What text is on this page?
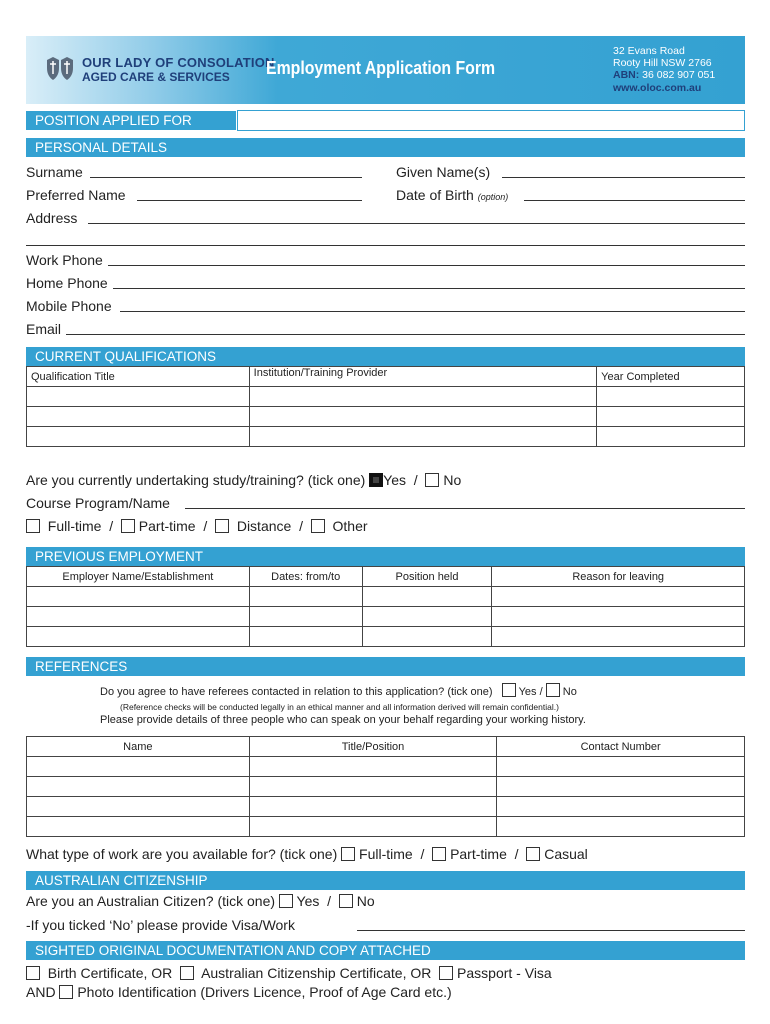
OUR LADY OF CONSOLATION
AGED CARE & SERVICES Employment Application Form
32 Evans Road
Rooty Hill NSW 2766
ABN: 36 082 907 051
www.oloc.com.au
POSITION APPLIED FOR
PERSONAL DETAILS
Surname	Given Name(s)
Preferred Name	Date of Birth (option)
Address
Work Phone
Home Phone
Mobile Phone
Email
CURRENT QUALIFICATIONS
Qualification Title	Institution/Training Provider	Year Completed

Are you currently undertaking study/training? (tick one) Yes / No
Course Program/Name
Full-time  /   Part-time  /    Distance  /    Other
PREVIOUS EMPLOYMENT
Employer Name/Establishment	Dates: from/to	Position held	Reason for leaving

REFERENCES
Do you agree to have referees contacted in relation to this application? (tick one) Yes /  No
(Reference checks will be conducted legally in an ethical manner and all information derived will remain confidential.)
Please provide details of three people who can speak on your behalf regarding your working history.
Name	Title/Position	Contact Number

What type of work are you available for? (tick one) Full-time  /   Part-time  /   Casual
AUSTRALIAN CITIZENSHIP
Are you an Australian Citizen? (tick one) Yes  /   No
-If you ticked ‘No’ please provide Visa/Work
SIGHTED ORIGINAL DOCUMENTATION AND COPY ATTACHED
Birth Certificate, OR Australian Citizenship Certificate, OR Passport - Visa
AND Photo Identification (Drivers Licence, Proof of Age Card etc.)
